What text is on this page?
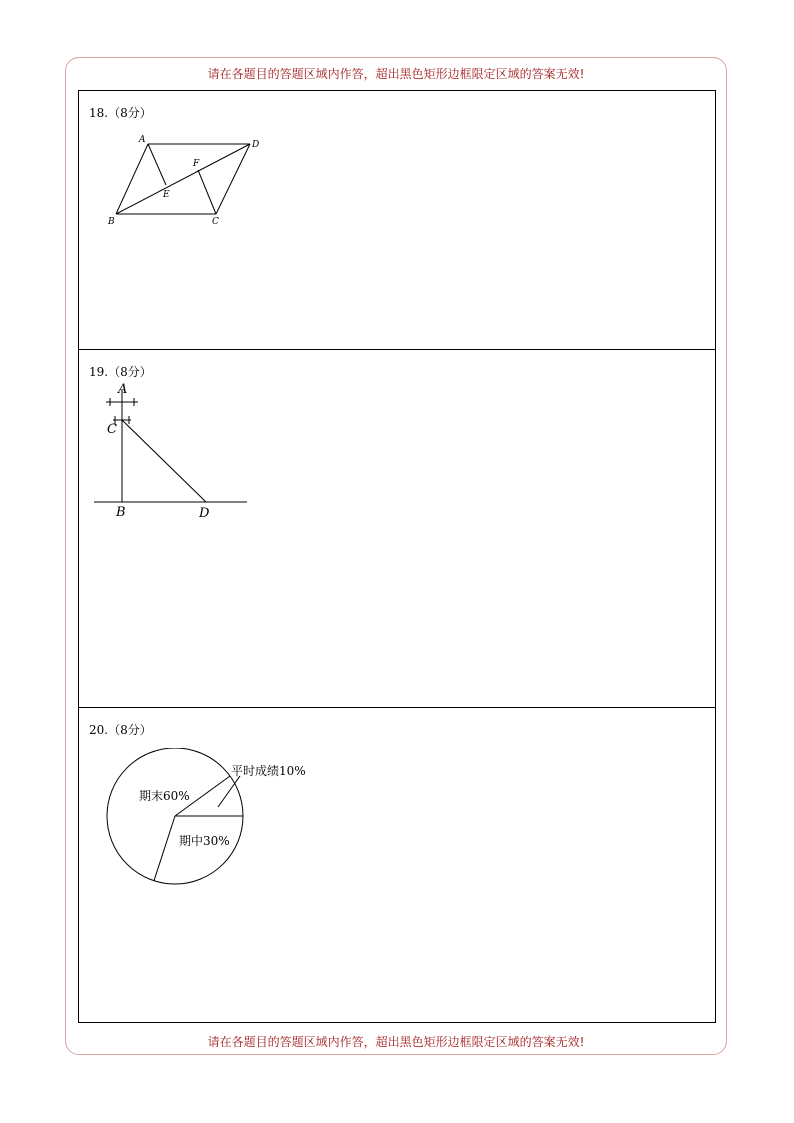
请在各题目的答题区域内作答，超出黑色矩形边框限定区域的答案无效!
18.（8分）
A	D
F
E
B	C
19.（8分）
A
C
B	D
20.（8分）
期末60%
期中30%
平时成绩10%
请在各题目的答题区域内作答，超出黑色矩形边框限定区域的答案无效!
